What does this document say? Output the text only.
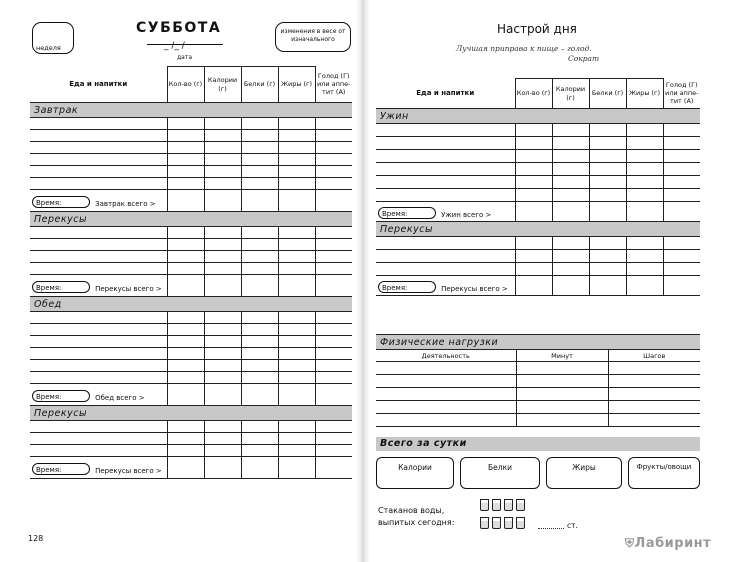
неделя
СУББОТА
_ /_ /
дата
изменения в весе от изначального
Еда и напитки	Кол-во (г)	Калории (г)	Белки (г)	Жиры (г)	Голод (Г) или аппе-тит (А)
Завтрак					

Время: Завтрак всего >					
Перекусы					

Время: Перекусы всего >					
Обед					

Время: Обед всего >					
Перекусы					

Время: Перекусы всего >					
128
Настрой дня
Лучшая приправа к пище – голод.
Сократ
Еда и напитки	Кол-во (г)	Калории (г)	Белки (г)	Жиры (г)	Голод (Г) или аппе-тит (А)
Ужин					

Время: Ужин всего >					
Перекусы					

Время: Перекусы всего >					
Физические нагрузки		
Деятельность	Минут	Шагов

Всего за сутки
Калории	Белки	Жиры	Фрукты/овощи
Стаканов воды,
выпитых сегодня:	ст.
⛨Лабиринт
